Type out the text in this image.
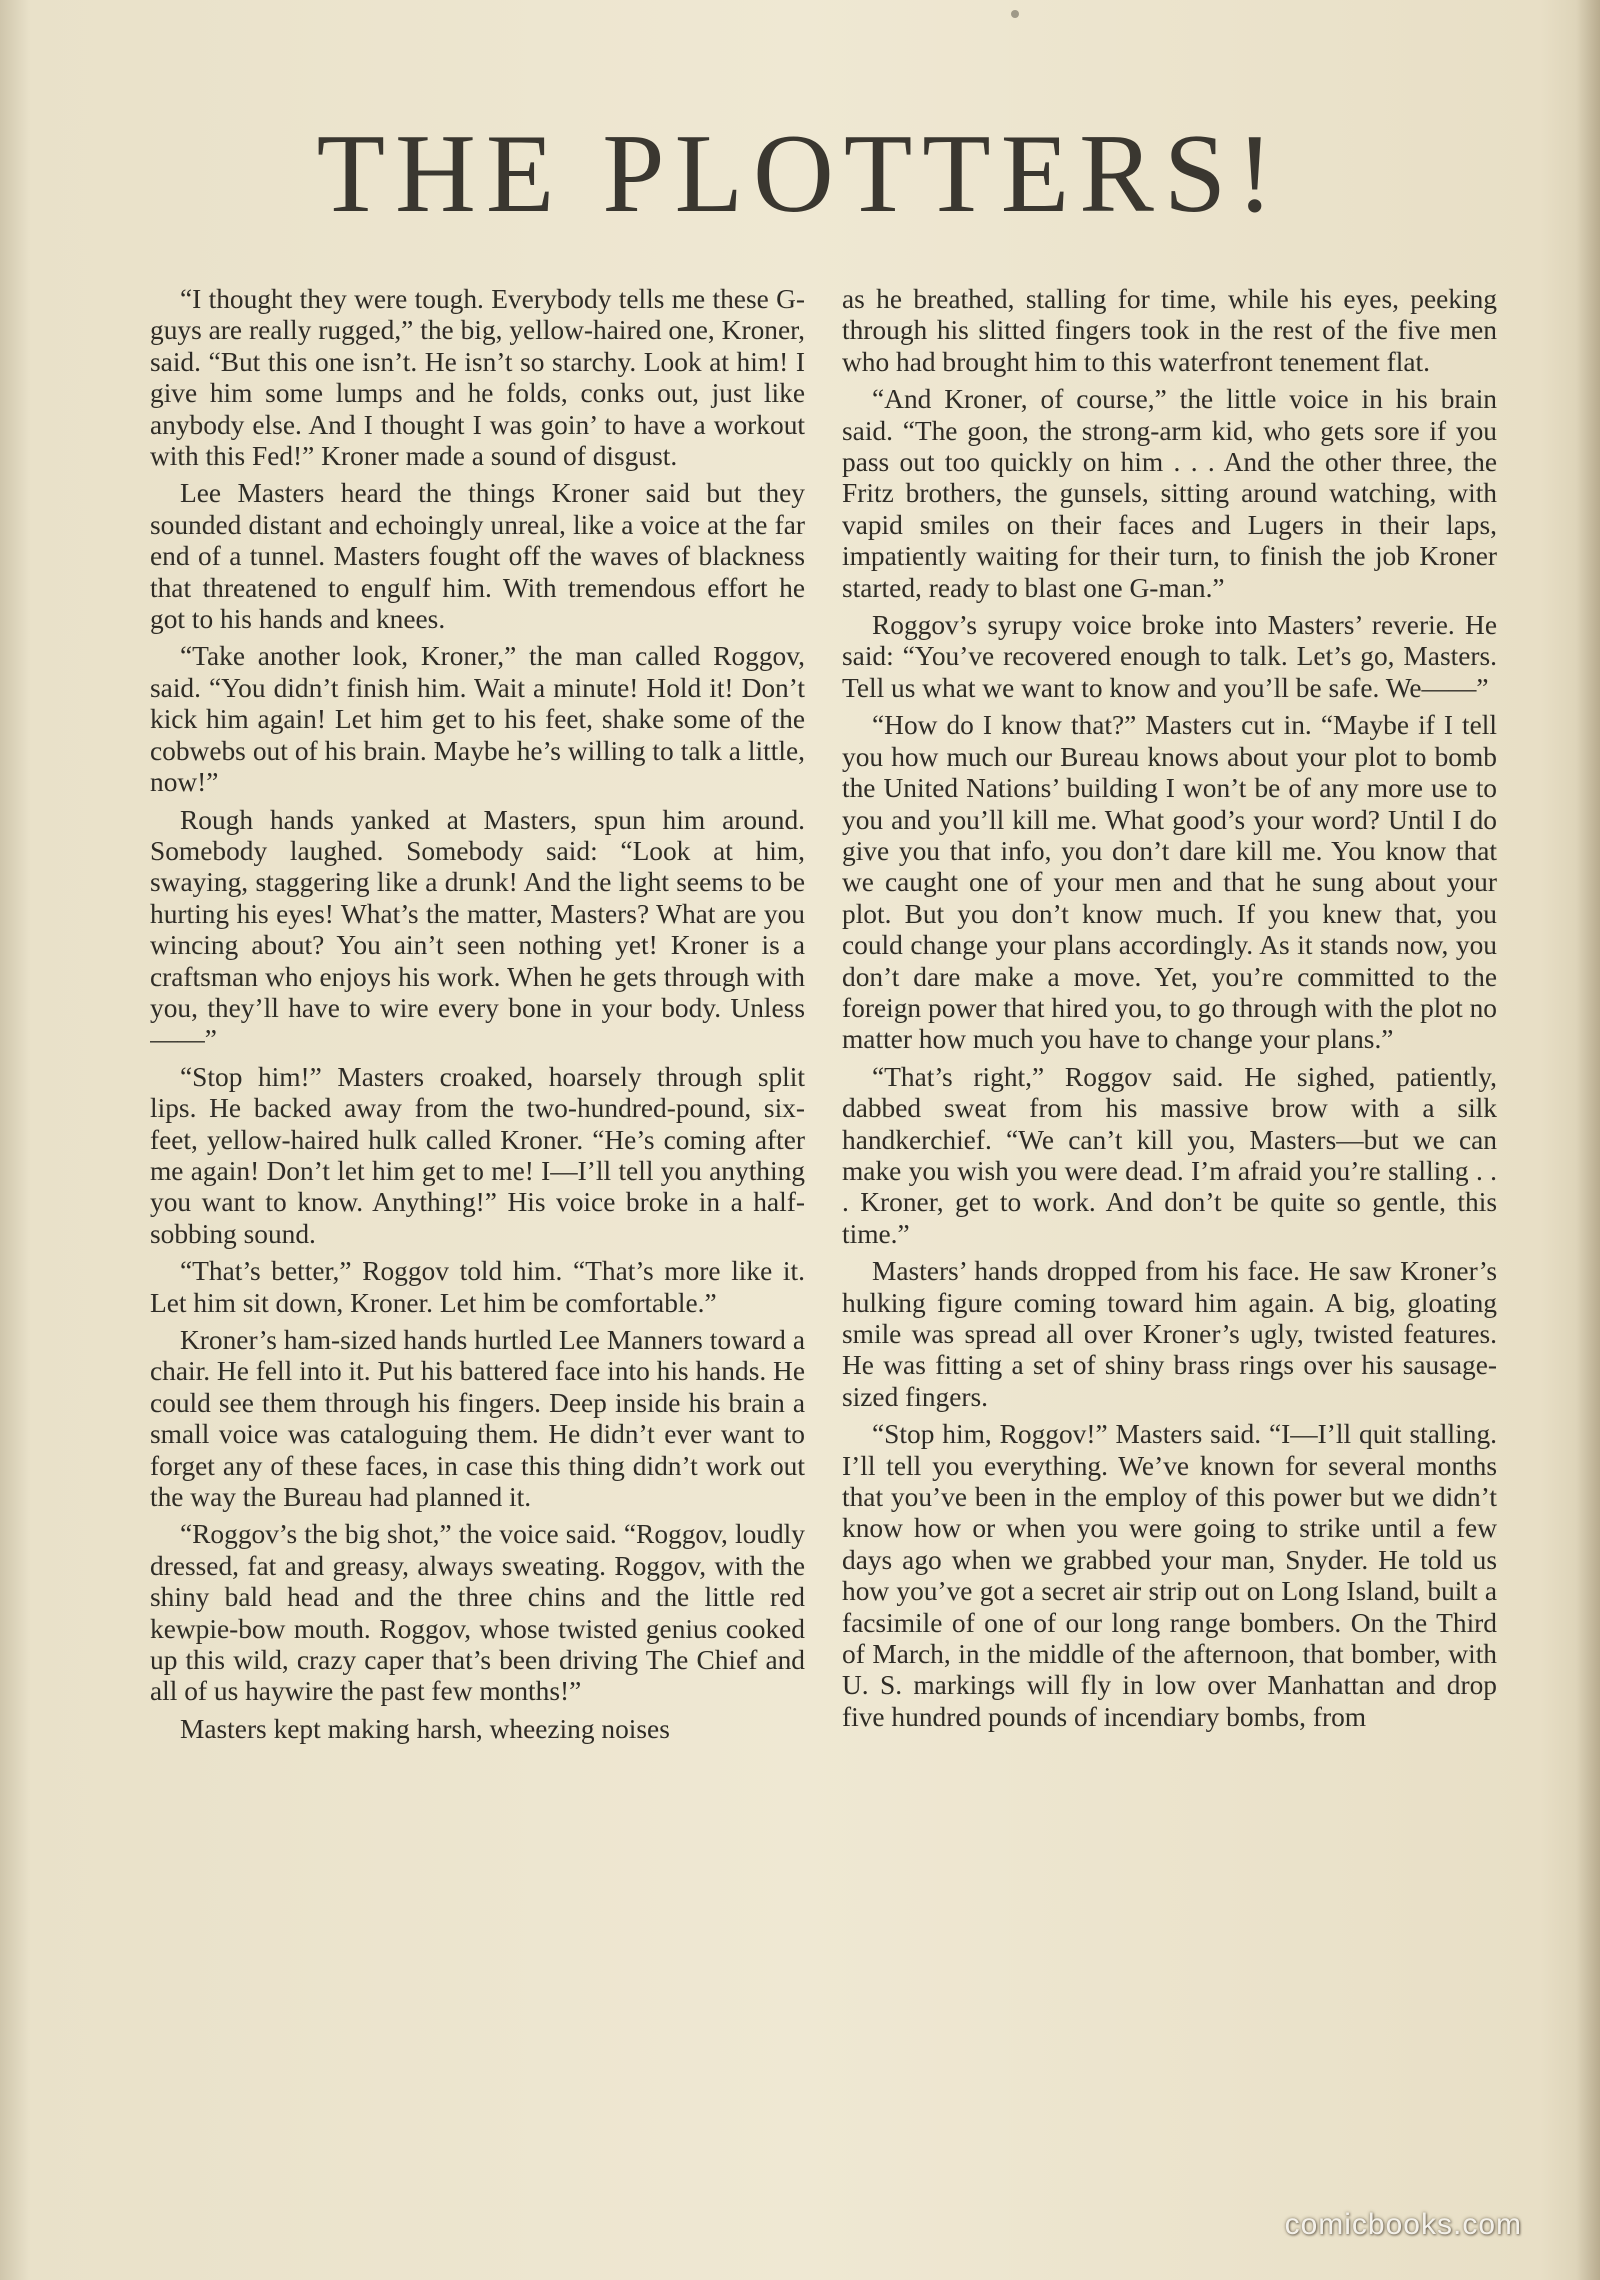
THE PLOTTERS!

“I thought they were tough. Everybody tells me these G-guys are really rugged,” the big, yellow-haired one, Kroner, said. “But this one isn’t. He isn’t so starchy. Look at him! I give him some lumps and he folds, conks out, just like anybody else. And I thought I was goin’ to have a workout with this Fed!” Kroner made a sound of disgust.

Lee Masters heard the things Kroner said but they sounded distant and echoingly unreal, like a voice at the far end of a tunnel. Masters fought off the waves of blackness that threatened to engulf him. With tremendous effort he got to his hands and knees.

“Take another look, Kroner,” the man called Roggov, said. “You didn’t finish him. Wait a minute! Hold it! Don’t kick him again! Let him get to his feet, shake some of the cobwebs out of his brain. Maybe he’s willing to talk a little, now!”

Rough hands yanked at Masters, spun him around. Somebody laughed. Somebody said: “Look at him, swaying, staggering like a drunk! And the light seems to be hurting his eyes! What’s the matter, Masters? What are you wincing about? You ain’t seen nothing yet! Kroner is a craftsman who enjoys his work. When he gets through with you, they’ll have to wire every bone in your body. Unless——”

“Stop him!” Masters croaked, hoarsely through split lips. He backed away from the two-hundred-pound, six-feet, yellow-haired hulk called Kroner. “He’s coming after me again! Don’t let him get to me! I—I’ll tell you anything you want to know. Anything!” His voice broke in a half-sobbing sound.

“That’s better,” Roggov told him. “That’s more like it. Let him sit down, Kroner. Let him be comfortable.”

Kroner’s ham-sized hands hurtled Lee Manners toward a chair. He fell into it. Put his battered face into his hands. He could see them through his fingers. Deep inside his brain a small voice was cataloguing them. He didn’t ever want to forget any of these faces, in case this thing didn’t work out the way the Bureau had planned it.

“Roggov’s the big shot,” the voice said. “Roggov, loudly dressed, fat and greasy, always sweating. Roggov, with the shiny bald head and the three chins and the little red kewpie-bow mouth. Roggov, whose twisted genius cooked up this wild, crazy caper that’s been driving The Chief and all of us haywire the past few months!”

Masters kept making harsh, wheezing noises

as he breathed, stalling for time, while his eyes, peeking through his slitted fingers took in the rest of the five men who had brought him to this waterfront tenement flat.

“And Kroner, of course,” the little voice in his brain said. “The goon, the strong-arm kid, who gets sore if you pass out too quickly on him . . . And the other three, the Fritz brothers, the gunsels, sitting around watching, with vapid smiles on their faces and Lugers in their laps, impatiently waiting for their turn, to finish the job Kroner started, ready to blast one G-man.”

Roggov’s syrupy voice broke into Masters’ reverie. He said: “You’ve recovered enough to talk. Let’s go, Masters. Tell us what we want to know and you’ll be safe. We——”

“How do I know that?” Masters cut in. “Maybe if I tell you how much our Bureau knows about your plot to bomb the United Nations’ building I won’t be of any more use to you and you’ll kill me. What good’s your word? Until I do give you that info, you don’t dare kill me. You know that we caught one of your men and that he sung about your plot. But you don’t know much. If you knew that, you could change your plans accordingly. As it stands now, you don’t dare make a move. Yet, you’re committed to the foreign power that hired you, to go through with the plot no matter how much you have to change your plans.”

“That’s right,” Roggov said. He sighed, patiently, dabbed sweat from his massive brow with a silk handkerchief. “We can’t kill you, Masters—but we can make you wish you were dead. I’m afraid you’re stalling . . . Kroner, get to work. And don’t be quite so gentle, this time.”

Masters’ hands dropped from his face. He saw Kroner’s hulking figure coming toward him again. A big, gloating smile was spread all over Kroner’s ugly, twisted features. He was fitting a set of shiny brass rings over his sausage-sized fingers.

“Stop him, Roggov!” Masters said. “I—I’ll quit stalling. I’ll tell you everything. We’ve known for several months that you’ve been in the employ of this power but we didn’t know how or when you were going to strike until a few days ago when we grabbed your man, Snyder. He told us how you’ve got a secret air strip out on Long Island, built a facsimile of one of our long range bombers. On the Third of March, in the middle of the afternoon, that bomber, with U. S. markings will fly in low over Manhattan and drop five hundred pounds of incendiary bombs, from

comicbooks.com
